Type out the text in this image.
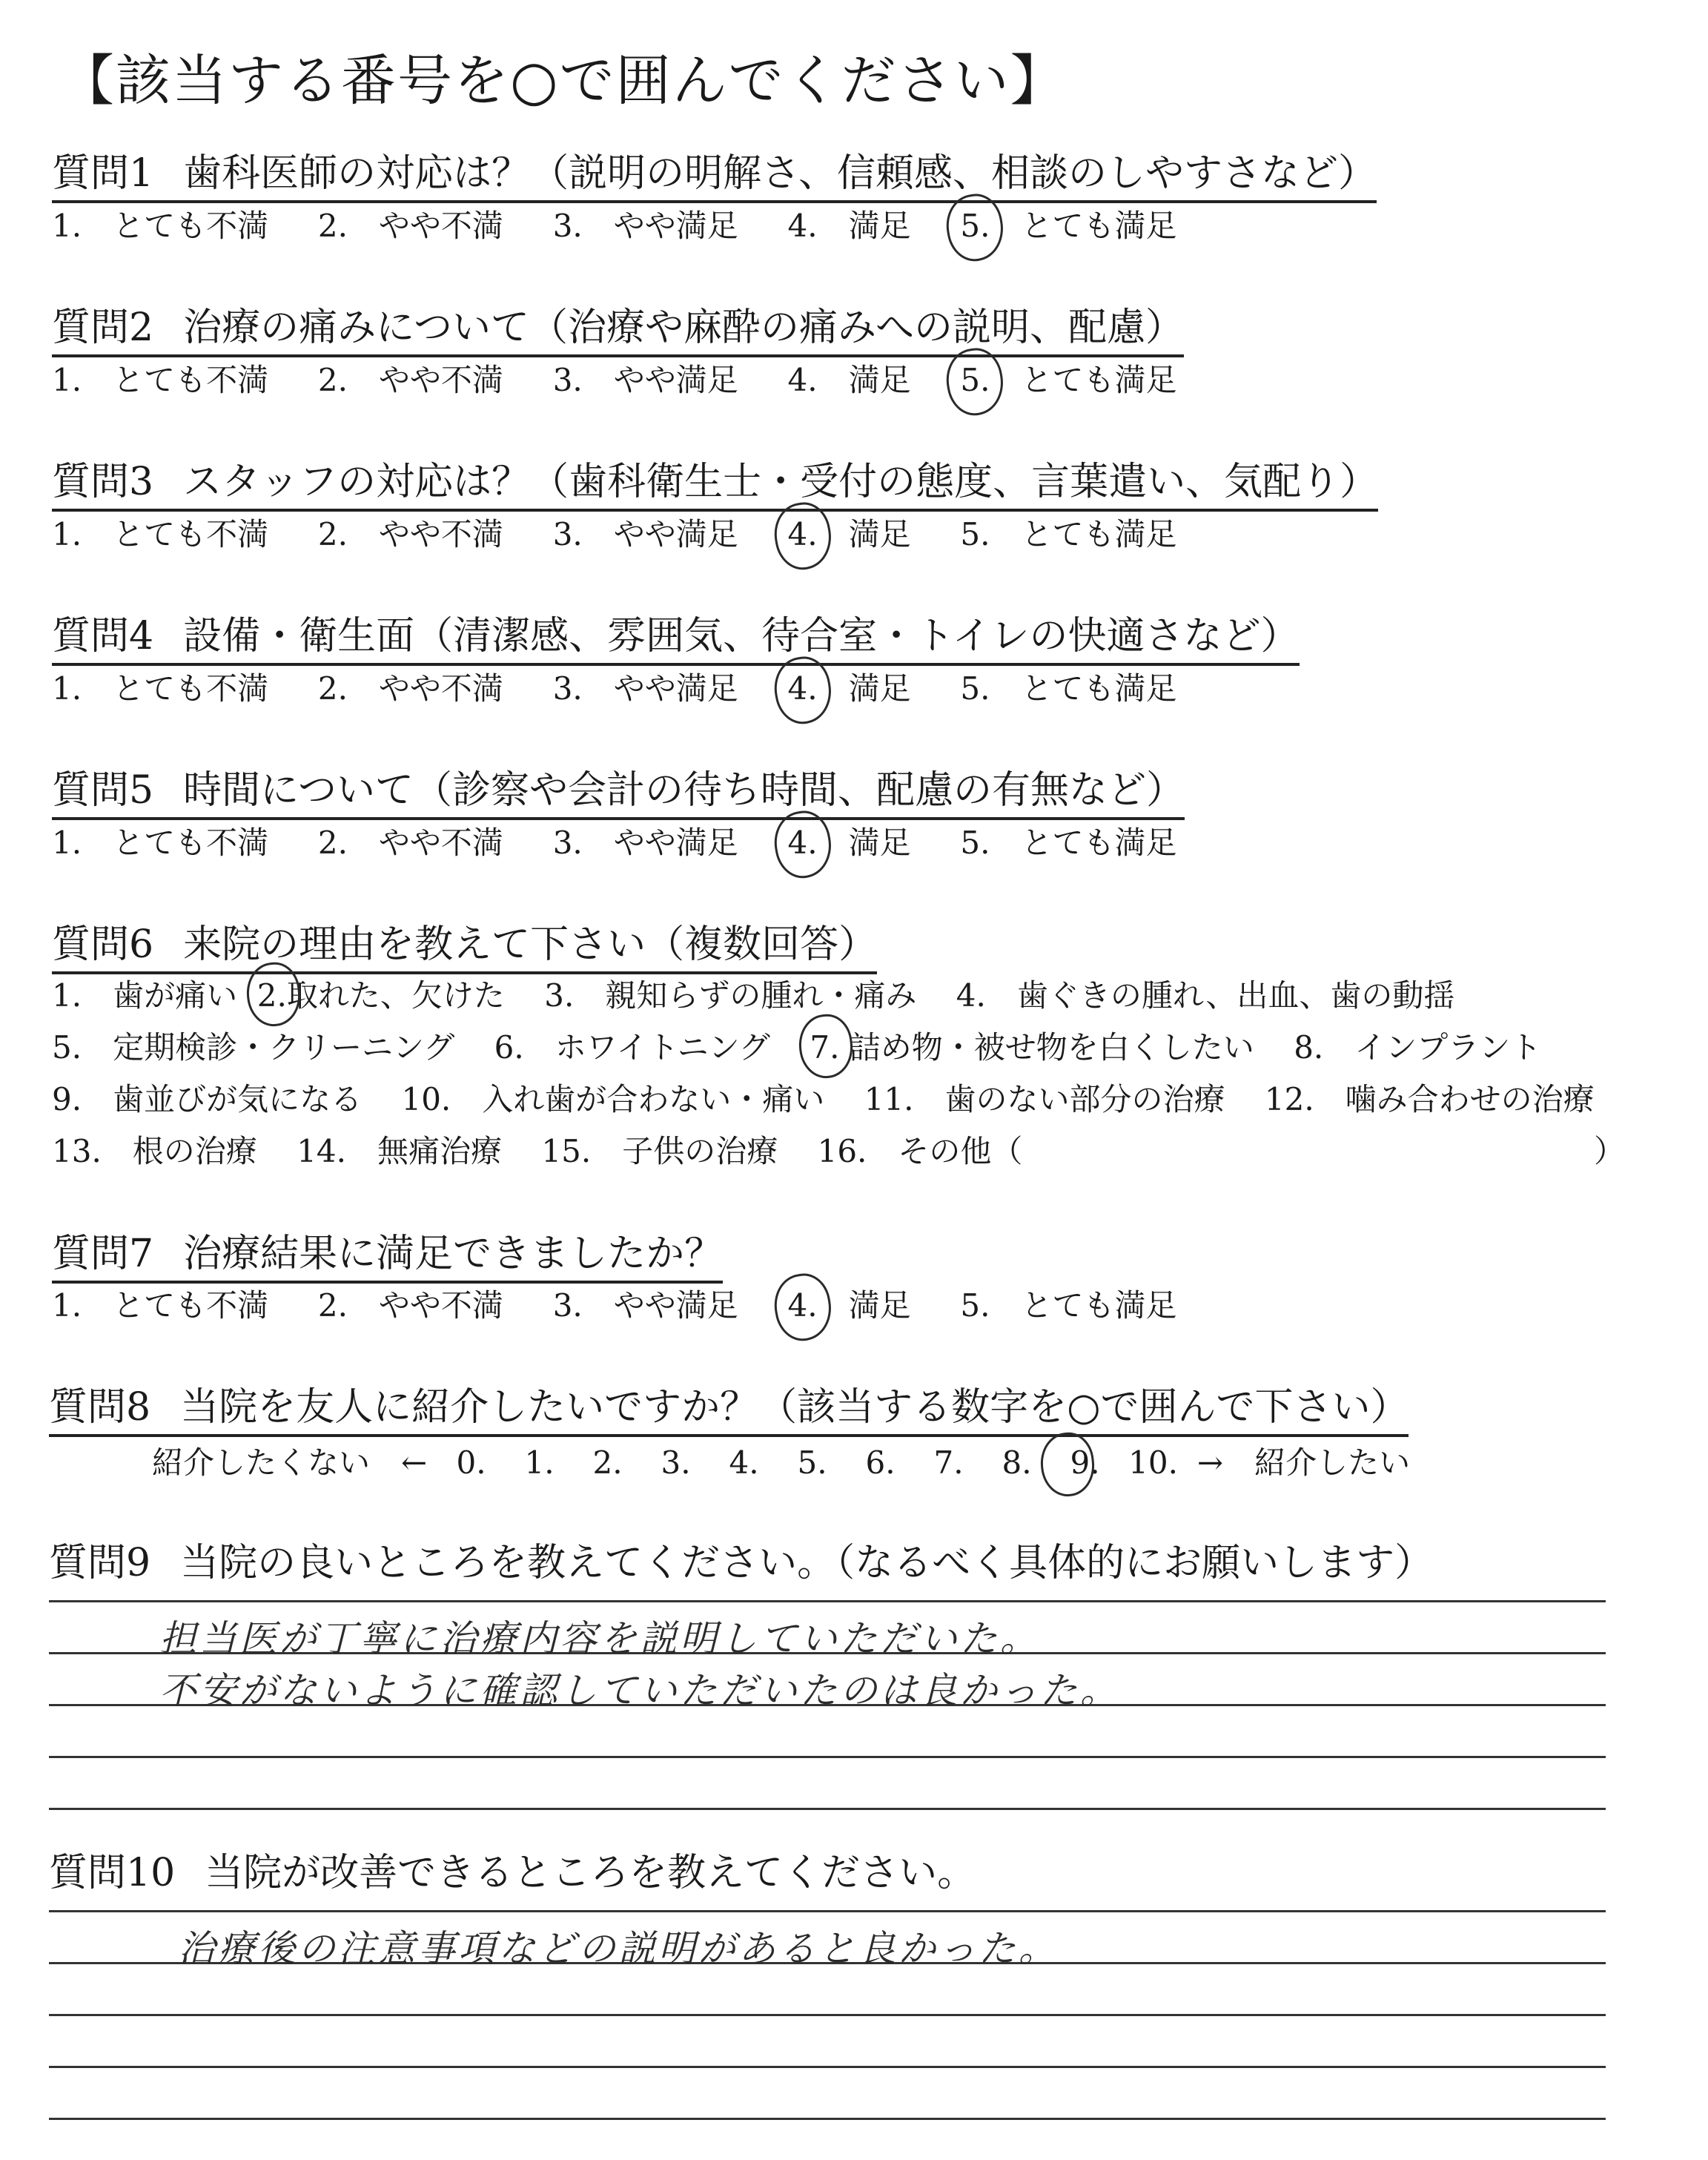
【該当する番号を○で囲んでください】
質問1 歯科医師の対応は？（説明の明解さ、信頼感、相談のしやすさなど）
1.　とても不満 2.　やや不満 3.　やや満足 4.　満足 5.　とても満足
質問2 治療の痛みについて（治療や麻酔の痛みへの説明、配慮）
1.　とても不満 2.　やや不満 3.　やや満足 4.　満足 5.　とても満足
質問3 スタッフの対応は？（歯科衛生士・受付の態度、言葉遣い、気配り）
1.　とても不満 2.　やや不満 3.　やや満足 4.　満足 5.　とても満足
質問4 設備・衛生面（清潔感、雰囲気、待合室・トイレの快適さなど）
1.　とても不満 2.　やや不満 3.　やや満足 4.　満足 5.　とても満足
質問5 時間について（診察や会計の待ち時間、配慮の有無など）
1.　とても不満 2.　やや不満 3.　やや満足 4.　満足 5.　とても満足
質問6 来院の理由を教えて下さい（複数回答）
1.　歯が痛い 2.取れた、欠けた 3.　親知らずの腫れ・痛み 4.　歯ぐきの腫れ、出血、歯の動揺
5.　定期検診・クリーニング 6.　ホワイトニング 7. 詰め物・被せ物を白くしたい 8.　インプラント
9.　歯並びが気になる 10.　入れ歯が合わない・痛い 11.　歯のない部分の治療 12.　噛み合わせの治療
13.　根の治療 14.　無痛治療 15.　子供の治療 16.　その他（	）
質問7 治療結果に満足できましたか？
1.　とても不満 2.　やや不満 3.　やや満足 4.　満足 5.　とても満足
質問8 当院を友人に紹介したいですか？（該当する数字を○で囲んで下さい）
紹介したくない　← 0. 1. 2. 3. 4. 5. 6. 7. 8. 9. 10. →　紹介したい
質問9 当院の良いところを教えてください。（なるべく具体的にお願いします）
担当医が丁寧に治療内容を説明していただいた。
不安がないように確認していただいたのは良かった。
質問10 当院が改善できるところを教えてください。
治療後の注意事項などの説明があると良かった。
